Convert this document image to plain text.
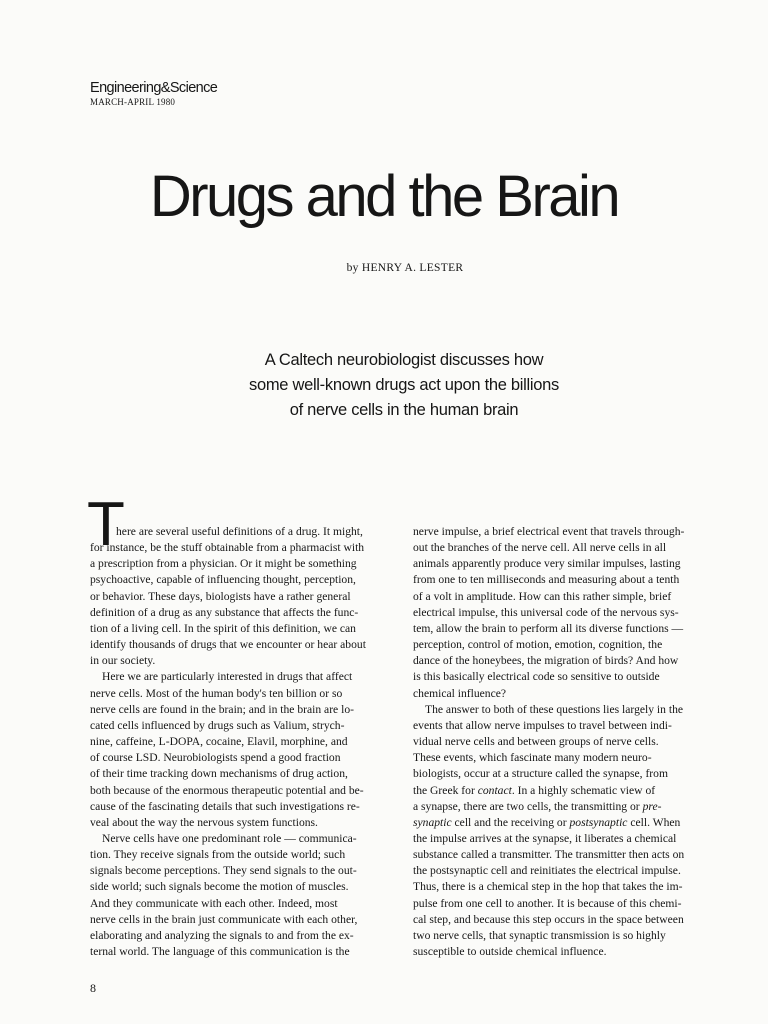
Engineering&Science
MARCH-APRIL 1980
Drugs and the Brain
by HENRY A. LESTER
A Caltech neurobiologist discusses how
some well-known drugs act upon the billions
of nerve cells in the human brain
T

here are several useful definitions of a drug. It might,
for instance, be the stuff obtainable from a pharmacist with
a prescription from a physician. Or it might be something
psychoactive, capable of influencing thought, perception,
or behavior. These days, biologists have a rather general
definition of a drug as any substance that affects the func-
tion of a living cell. In the spirit of this definition, we can
identify thousands of drugs that we encounter or hear about
in our society.

Here we are particularly interested in drugs that affect
nerve cells. Most of the human body's ten billion or so
nerve cells are found in the brain; and in the brain are lo-
cated cells influenced by drugs such as Valium, strych-
nine, caffeine, L-DOPA, cocaine, Elavil, morphine, and
of course LSD. Neurobiologists spend a good fraction
of their time tracking down mechanisms of drug action,
both because of the enormous therapeutic potential and be-
cause of the fascinating details that such investigations re-
veal about the way the nervous system functions.

Nerve cells have one predominant role — communica-
tion. They receive signals from the outside world; such
signals become perceptions. They send signals to the out-
side world; such signals become the motion of muscles.
And they communicate with each other. Indeed, most
nerve cells in the brain just communicate with each other,
elaborating and analyzing the signals to and from the ex-
ternal world. The language of this communication is the

nerve impulse, a brief electrical event that travels through-
out the branches of the nerve cell. All nerve cells in all
animals apparently produce very similar impulses, lasting
from one to ten milliseconds and measuring about a tenth
of a volt in amplitude. How can this rather simple, brief
electrical impulse, this universal code of the nervous sys-
tem, allow the brain to perform all its diverse functions —
perception, control of motion, emotion, cognition, the
dance of the honeybees, the migration of birds? And how
is this basically electrical code so sensitive to outside
chemical influence?

The answer to both of these questions lies largely in the
events that allow nerve impulses to travel between indi-
vidual nerve cells and between groups of nerve cells.
These events, which fascinate many modern neuro-
biologists, occur at a structure called the synapse, from
the Greek for contact. In a highly schematic view of
a synapse, there are two cells, the transmitting or pre-
synaptic cell and the receiving or postsynaptic cell. When
the impulse arrives at the synapse, it liberates a chemical
substance called a transmitter. The transmitter then acts on
the postsynaptic cell and reinitiates the electrical impulse.
Thus, there is a chemical step in the hop that takes the im-
pulse from one cell to another. It is because of this chemi-
cal step, and because this step occurs in the space between
two nerve cells, that synaptic transmission is so highly
susceptible to outside chemical influence.

8
